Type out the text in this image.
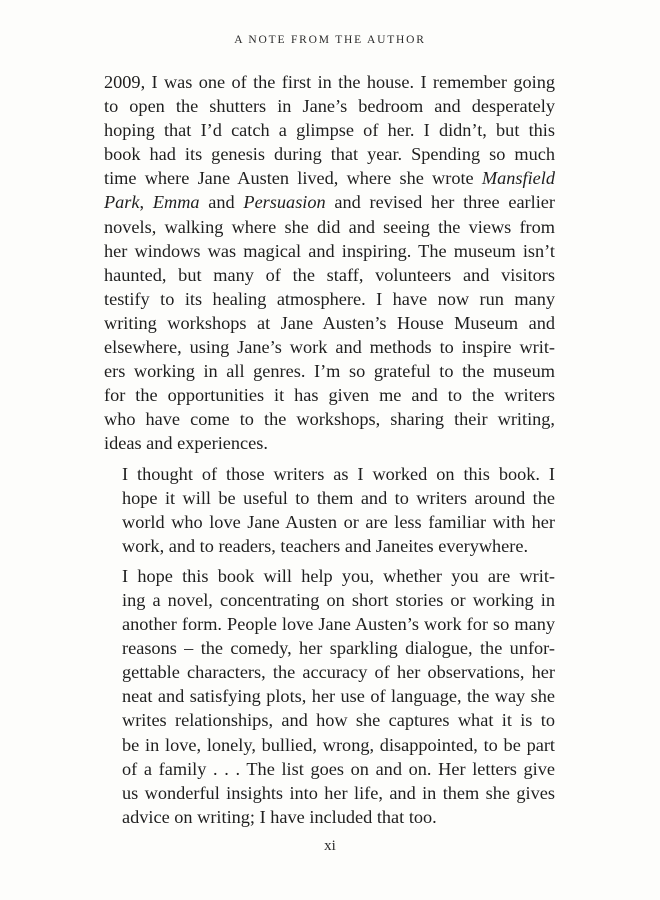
A NOTE FROM THE AUTHOR

2009, I was one of the first in the house. I remember going
to open the shutters in Jane’s bedroom and desperately
hoping that I’d catch a glimpse of her. I didn’t, but this
book had its genesis during that year. Spending so much
time where Jane Austen lived, where she wrote Mansfield
Park, Emma and Persuasion and revised her three earlier
novels, walking where she did and seeing the views from
her windows was magical and inspiring. The museum isn’t
haunted, but many of the staff, volunteers and visitors
testify to its healing atmosphere. I have now run many
writing workshops at Jane Austen’s House Museum and
elsewhere, using Jane’s work and methods to inspire writ-
ers working in all genres. I’m so grateful to the museum
for the opportunities it has given me and to the writers
who have come to the workshops, sharing their writing,
ideas and experiences.

I thought of those writers as I worked on this book. I
hope it will be useful to them and to writers around the
world who love Jane Austen or are less familiar with her
work, and to readers, teachers and Janeites everywhere.

I hope this book will help you, whether you are writ-
ing a novel, concentrating on short stories or working in
another form. People love Jane Austen’s work for so many
reasons – the comedy, her sparkling dialogue, the unfor-
gettable characters, the accuracy of her observations, her
neat and satisfying plots, her use of language, the way she
writes relationships, and how she captures what it is to
be in love, lonely, bullied, wrong, disappointed, to be part
of a family . . . The list goes on and on. Her letters give
us wonderful insights into her life, and in them she gives
advice on writing; I have included that too.

xi
